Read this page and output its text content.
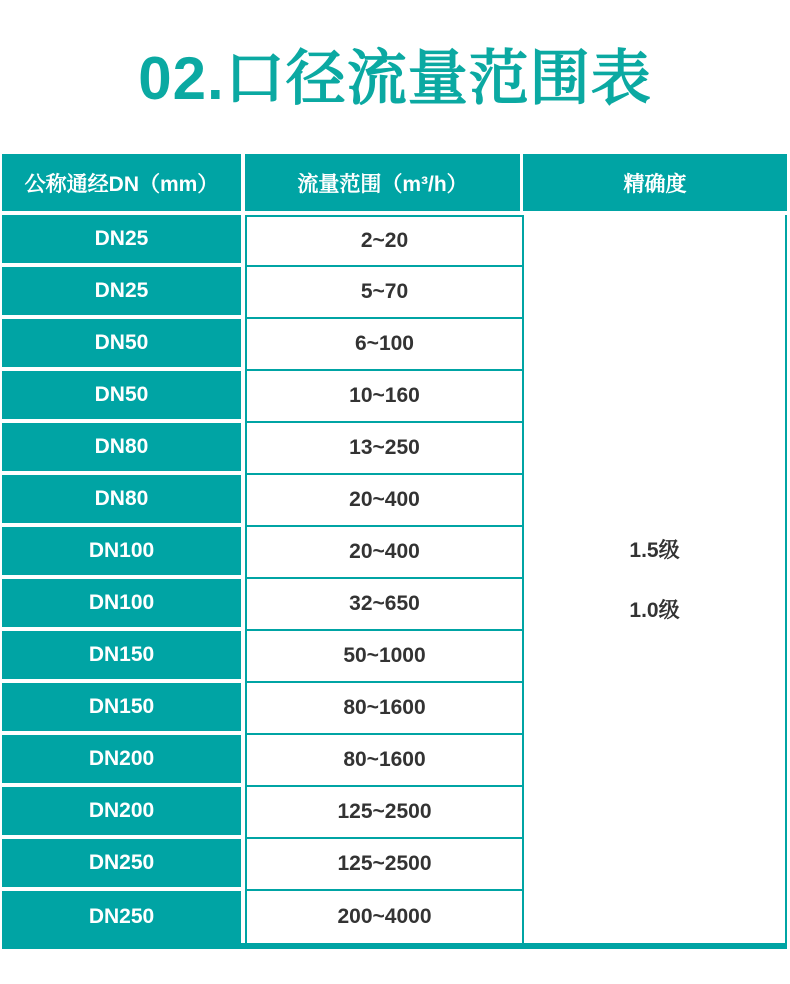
02.口径流量范围表
公称通经DN（mm）	流量范围（m³/h）	精确度
DN25
DN25
DN50
DN50
DN80
DN80
DN100
DN100
DN150
DN150
DN200
DN200
DN250
DN250
2~20
5~70
6~100
10~160
13~250
20~400
20~400
32~650
50~1000
80~1600
80~1600
125~2500
125~2500
200~4000
1.5级
1.0级
